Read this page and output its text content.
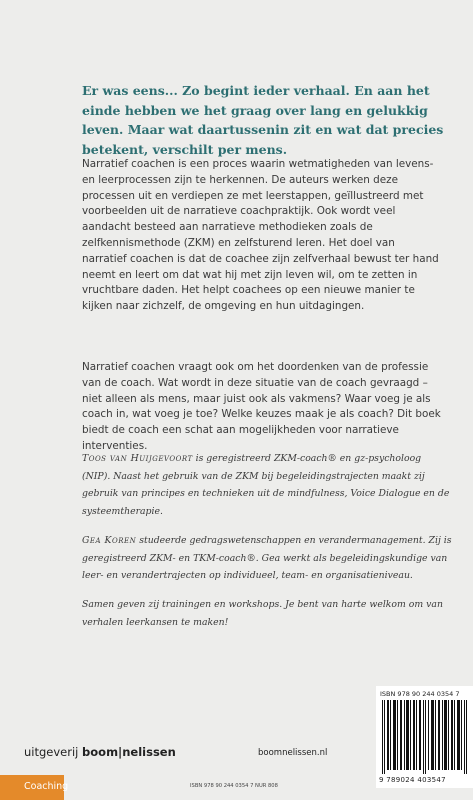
Er was eens... Zo begint ieder verhaal. En aan het einde hebben we het graag over lang en gelukkig leven. Maar wat daartussenin zit en wat dat precies betekent, verschilt per mens.

Narratief coachen is een proces waarin wetmatigheden van levens- en leerprocessen zijn te herkennen. De auteurs werken deze processen uit en verdiepen ze met leerstappen, geïllustreerd met voorbeelden uit de narratieve coachpraktijk. Ook wordt veel aandacht besteed aan narratieve methodieken zoals de zelfkennismethode (ZKM) en zelfsturend leren. Het doel van narratief coachen is dat de coachee zijn zelfverhaal bewust ter hand neemt en leert om dat wat hij met zijn leven wil, om te zetten in vruchtbare daden. Het helpt coachees op een nieuwe manier te kijken naar zichzelf, de omgeving en hun uitdagingen.

Narratief coachen vraagt ook om het doordenken van de professie van de coach. Wat wordt in deze situatie van de coach gevraagd – niet alleen als mens, maar juist ook als vakmens? Waar voeg je als coach in, wat voeg je toe? Welke keuzes maak je als coach? Dit boek biedt de coach een schat aan mogelijkheden voor narratieve interventies.

Toos van Huijgevoort is geregistreerd ZKM-coach® en gz-psycholoog (NIP). Naast het gebruik van de ZKM bij begeleidingstrajecten maakt zij gebruik van principes en technieken uit de mindfulness, Voice Dialogue en de systeemtherapie.

Gea Koren studeerde gedragswetenschappen en verandermanagement. Zij is geregistreerd ZKM- en TKM-coach®. Gea werkt als begeleidingskundige van leer- en verandertrajecten op individueel, team- en organisatieniveau.

Samen geven zij trainingen en workshops. Je bent van harte welkom om van verhalen leerkansen te maken!

ISBN 978 90 244 0354 7
9 789024 403547
uitgeverij boom|nelissen	boomnelissen.nl
Coaching	ISBN 978 90 244 0354 7 NUR 808
